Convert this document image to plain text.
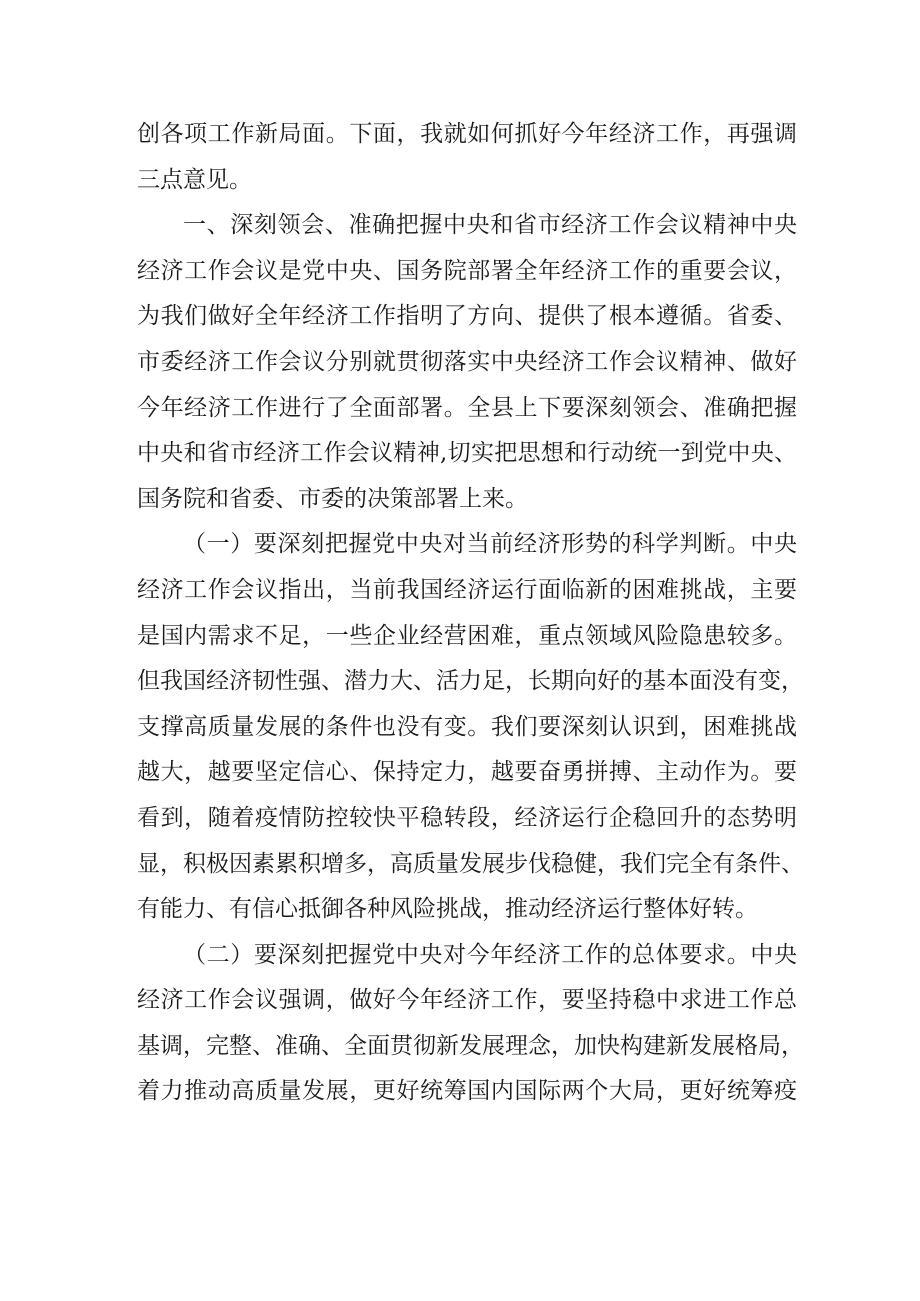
创各项工作新局面。下面，我就如何抓好今年经济工作，再强调
三点意见。
一、深刻领会、准确把握中央和省市经济工作会议精神中央
经济工作会议是党中央、国务院部署全年经济工作的重要会议，
为我们做好全年经济工作指明了方向、提供了根本遵循。省委、
市委经济工作会议分别就贯彻落实中央经济工作会议精神、做好
今年经济工作进行了全面部署。全县上下要深刻领会、准确把握
中央和省市经济工作会议精神,切实把思想和行动统一到党中央、
国务院和省委、市委的决策部署上来。
（一）要深刻把握党中央对当前经济形势的科学判断。中央
经济工作会议指出，当前我国经济运行面临新的困难挑战，主要
是国内需求不足，一些企业经营困难，重点领域风险隐患较多。
但我国经济韧性强、潜力大、活力足，长期向好的基本面没有变，
支撑高质量发展的条件也没有变。我们要深刻认识到，困难挑战
越大，越要坚定信心、保持定力，越要奋勇拼搏、主动作为。要
看到，随着疫情防控较快平稳转段，经济运行企稳回升的态势明
显，积极因素累积增多，高质量发展步伐稳健，我们完全有条件、
有能力、有信心抵御各种风险挑战，推动经济运行整体好转。
（二）要深刻把握党中央对今年经济工作的总体要求。中央
经济工作会议强调，做好今年经济工作，要坚持稳中求进工作总
基调，完整、准确、全面贯彻新发展理念，加快构建新发展格局，
着力推动高质量发展，更好统筹国内国际两个大局，更好统筹疫
